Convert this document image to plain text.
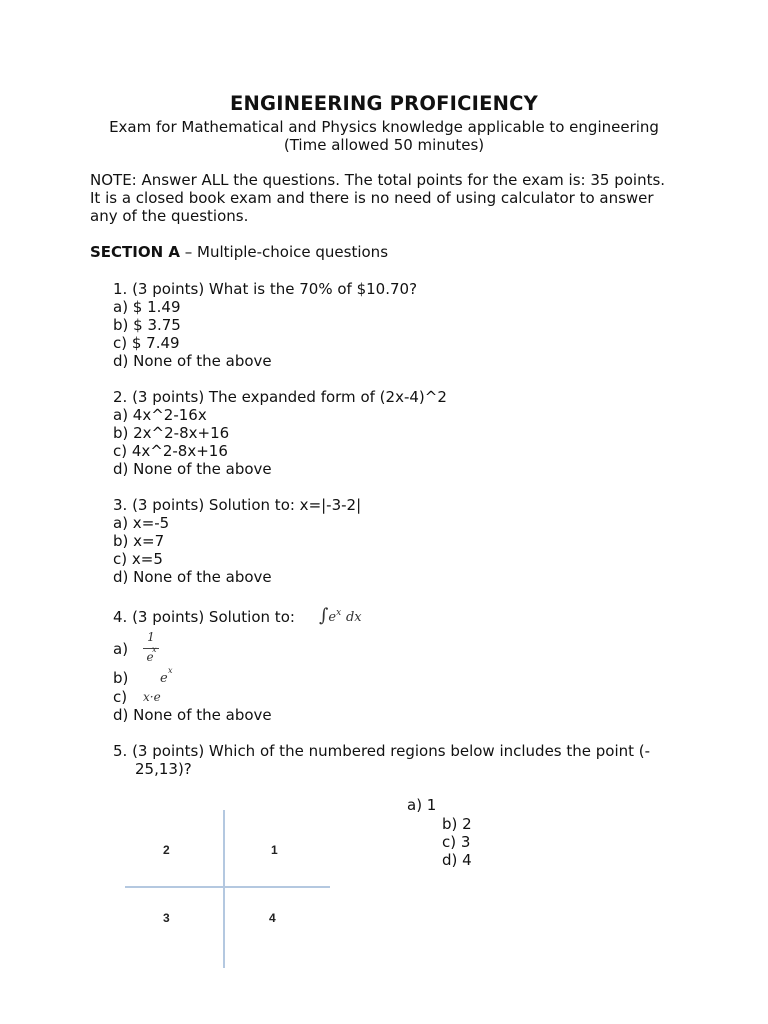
ENGINEERING PROFICIENCY
Exam for Mathematical and Physics knowledge applicable to engineering
(Time allowed 50 minutes)
NOTE: Answer ALL the questions. The total points for the exam is: 35 points.
It is a closed book exam and there is no need of using calculator to answer
any of the questions.
SECTION A – Multiple-choice questions
1. (3 points) What is the 70% of $10.70?
a) $ 1.49
b) $ 3.75
c) $ 7.49
d) None of the above
2. (3 points) The expanded form of (2x-4)^2
a) 4x^2-16x
b) 2x^2-8x+16
c) 4x^2-8x+16
d) None of the above
3. (3 points) Solution to: x=|-3-2|
a) x=-5
b) x=7
c) x=5
d) None of the above
4. (3 points) Solution to: $\int e^x$ dx
a)
1
e
x
b) e
x
c) x·e
d) None of the above
5. (3 points) Which of the numbered regions below includes the point (-
25,13)?
a) 1
b) 2
c) 3
d) 4
2	1
3	4
